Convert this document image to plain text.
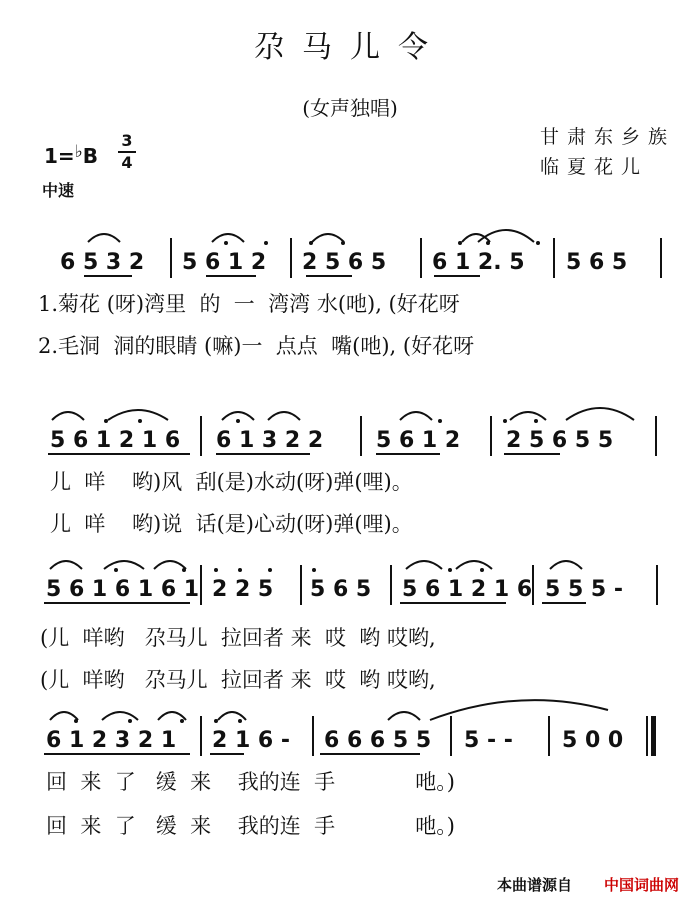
尕马儿令
(女声独唱)
1=♭B
3
4
中速
甘肃东乡族
临夏花儿
6 5 3 2 5 6 1 2 2 5 6 5 6 1 2. 5 5 6 5
1.菊花 (呀)湾里  的  一  湾湾 水(吔), (好花呀
2.毛洞  洞的眼睛 (嘛)一  点点  嘴(吔), (好花呀
5 6 1 2 1 6 6 1 3 2 2 5 6 1 2 2 5 6 5 5
儿  咩    哟)风  刮(是)水动(呀)弹(哩)。
儿  咩    哟)说  话(是)心动(呀)弹(哩)。
5 6 1 6 1 6 1 2 2 5 5 6 5 5 6 1 2 1 6 5 5 5 -
(儿  咩哟   尕马儿  拉回者 来  哎  哟 哎哟,
(儿  咩哟   尕马儿  拉回者 来  哎  哟 哎哟,
6 1 2 3 2 1 2 1 6 - 6 6 6 5 5 5 - - 5 0 0
回  来  了   缓  来    我的连  手            吔。)
回  来  了   缓  来    我的连  手            吔。)
本曲谱源自 中国词曲网
